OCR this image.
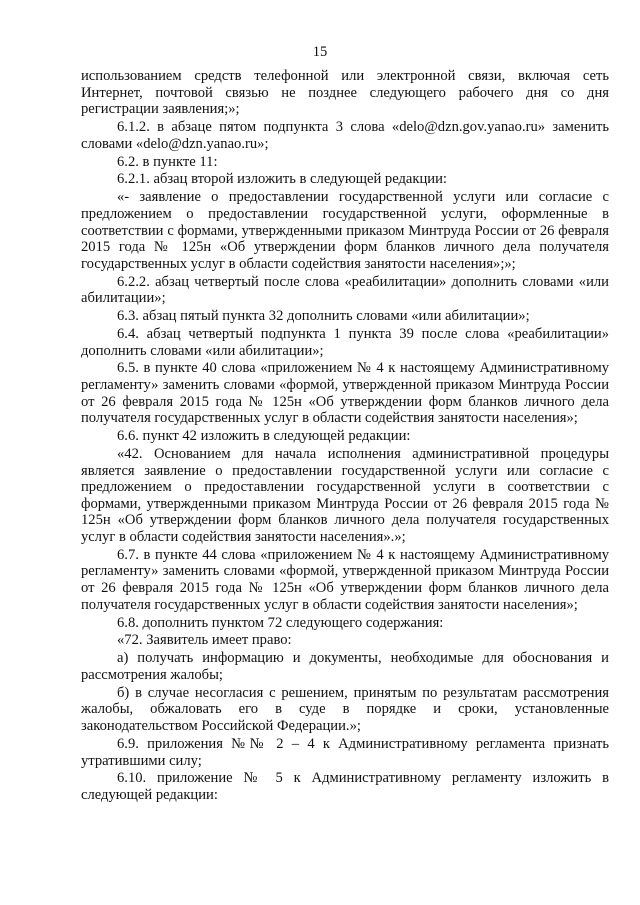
15

использованием средств телефонной или электронной связи, включая сеть Интернет, почтовой связью не позднее следующего рабочего дня со дня регистрации заявления;»;

6.1.2. в абзаце пятом подпункта 3 слова «delo@dzn.gov.yanao.ru» заменить словами «delo@dzn.yanao.ru»;

6.2. в пункте 11:

6.2.1. абзац второй изложить в следующей редакции:

«- заявление о предоставлении государственной услуги или согласие с предложением о предоставлении государственной услуги, оформленные в соответствии с формами, утвержденными приказом Минтруда России от 26 февраля 2015 года № 125н «Об утверждении форм бланков личного дела получателя государственных услуг в области содействия занятости населения»;»;

6.2.2. абзац четвертый после слова «реабилитации» дополнить словами «или абилитации»;

6.3. абзац пятый пункта 32 дополнить словами «или абилитации»;

6.4. абзац четвертый подпункта 1 пункта 39 после слова «реабилитации» дополнить словами «или абилитации»;

6.5. в пункте 40 слова «приложением № 4 к настоящему Административному регламенту» заменить словами «формой, утвержденной приказом Минтруда России от 26 февраля 2015 года № 125н «Об утверждении форм бланков личного дела получателя государственных услуг в области содействия занятости населения»;

6.6. пункт 42 изложить в следующей редакции:

«42. Основанием для начала исполнения административной процедуры является заявление о предоставлении государственной услуги или согласие с предложением о предоставлении государственной услуги в соответствии с формами, утвержденными приказом Минтруда России от 26 февраля 2015 года № 125н «Об утверждении форм бланков личного дела получателя государственных услуг в области содействия занятости населения».»;

6.7. в пункте 44 слова «приложением № 4 к настоящему Административному регламенту» заменить словами «формой, утвержденной приказом Минтруда России от 26 февраля 2015 года № 125н «Об утверждении форм бланков личного дела получателя государственных услуг в области содействия занятости населения»;

6.8. дополнить пунктом 72 следующего содержания:

«72. Заявитель имеет право:

а) получать информацию и документы, необходимые для обоснования и рассмотрения жалобы;

б) в случае несогласия с решением, принятым по результатам рассмотрения жалобы, обжаловать его в суде в порядке и сроки, установленные законодательством Российской Федерации.»;

6.9. приложения №№ 2 – 4 к Административному регламента признать утратившими силу;

6.10. приложение № 5 к Административному регламенту изложить в следующей редакции:
